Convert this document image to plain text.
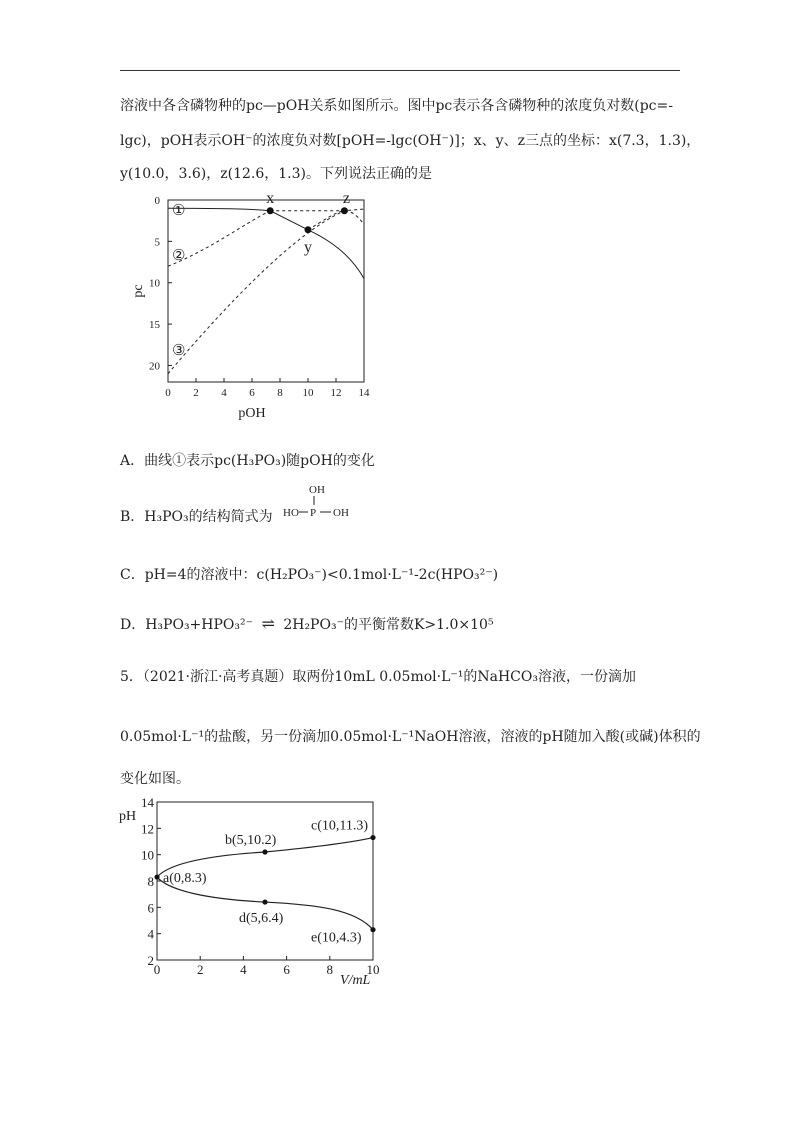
溶液中各含磷物种的pc—pOH关系如图所示。图中pc表示各含磷物种的浓度负对数(pc=-
lgc)，pOH表示OH⁻的浓度负对数[pOH=-lgc(OH⁻)]；x、y、z三点的坐标：x(7.3，1.3)，
y(10.0，3.6)，z(12.6，1.3)。下列说法正确的是
0 2 4 6 8 10 12 14
0
5
10
15
20
x
y
z
①
②
③
pOH
pc
A．曲线①表示pc(H₃PO₃)随pOH的变化
B．H₃PO₃的结构简式为
OH
HO P OH
C．pH=4的溶液中：c(H₂PO₃⁻)<0.1mol·L⁻¹-2c(HPO₃²⁻)
D．H₃PO₃+HPO₃²⁻ ⇌ 2H₂PO₃⁻的平衡常数K>1.0×10⁵
5．（2021·浙江·高考真题）取两份10mL 0.05mol·L⁻¹的NaHCO₃溶液，一份滴加
0.05mol·L⁻¹的盐酸，另一份滴加0.05mol·L⁻¹NaOH溶液，溶液的pH随加入酸(或碱)体积的
变化如图。
0	2	4	6	8	10
2
4
6
8
10
12
14
a(0,8.3)
b(5,10.2)
c(10,11.3)
d(5,6.4)
e(10,4.3)
pH
V/mL
